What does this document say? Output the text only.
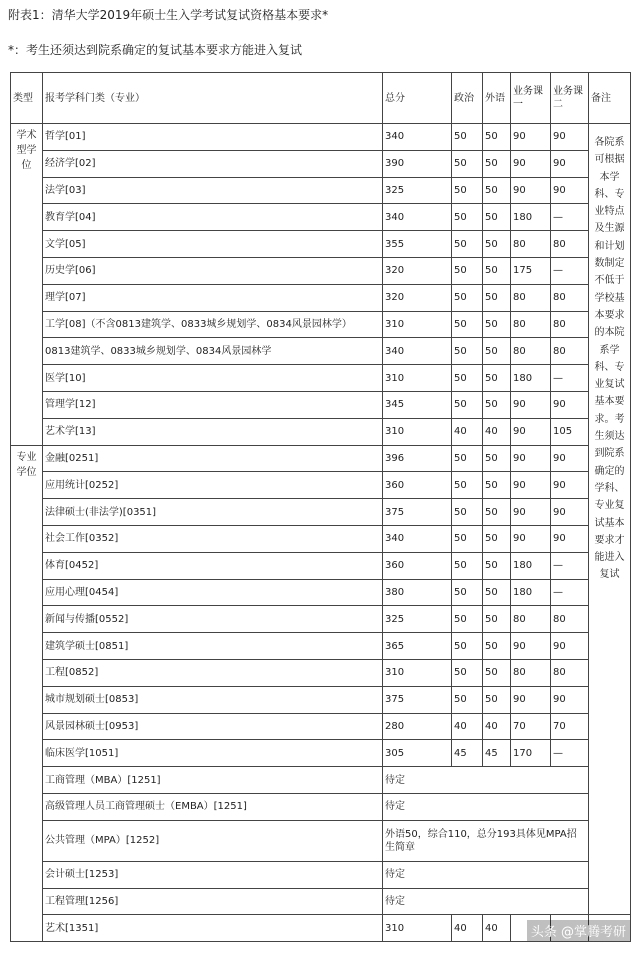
附表1：清华大学2019年硕士生入学考试复试资格基本要求*
*：考生还须达到院系确定的复试基本要求方能进入复试
类型	报考学科门类（专业）	总分	政治	外语	业务课一	业务课二	备注
学术型学位	哲学[01]	340	50	50	90	90	各院系可根据本学科、专业特点及生源和计划数制定不低于学校基本要求的本院系学科、专业复试基本要求。考生须达到院系确定的学科、专业复试基本要求才能进入复试
	经济学[02]	390	50	50	90	90	
	法学[03]	325	50	50	90	90	
	教育学[04]	340	50	50	180	—	
	文学[05]	355	50	50	80	80	
	历史学[06]	320	50	50	175	—	
	理学[07]	320	50	50	80	80	
	工学[08]（不含0813建筑学、0833城乡规划学、0834风景园林学）	310	50	50	80	80	
	0813建筑学、0833城乡规划学、0834风景园林学	340	50	50	80	80	
	医学[10]	310	50	50	180	—	
	管理学[12]	345	50	50	90	90	
	艺术学[13]	310	40	40	90	105	
专业学位	金融[0251]	396	50	50	90	90	
	应用统计[0252]	360	50	50	90	90	
	法律硕士(非法学)[0351]	375	50	50	90	90	
	社会工作[0352]	340	50	50	90	90	
	体育[0452]	360	50	50	180	—	
	应用心理[0454]	380	50	50	180	—	
	新闻与传播[0552]	325	50	50	80	80	
	建筑学硕士[0851]	365	50	50	90	90	
	工程[0852]	310	50	50	80	80	
	城市规划硕士[0853]	375	50	50	90	90	
	风景园林硕士[0953]	280	40	40	70	70	
	临床医学[1051]	305	45	45	170	—	
	工商管理（MBA）[1251]	待定					
	高级管理人员工商管理硕士（EMBA）[1251]	待定					
	公共管理（MPA）[1252]	外语50，综合110，总分193具体见MPA招生简章					
	会计硕士[1253]	待定					
	工程管理[1256]	待定					
	艺术[1351]	310	40	40				头条 @掌腾考研
